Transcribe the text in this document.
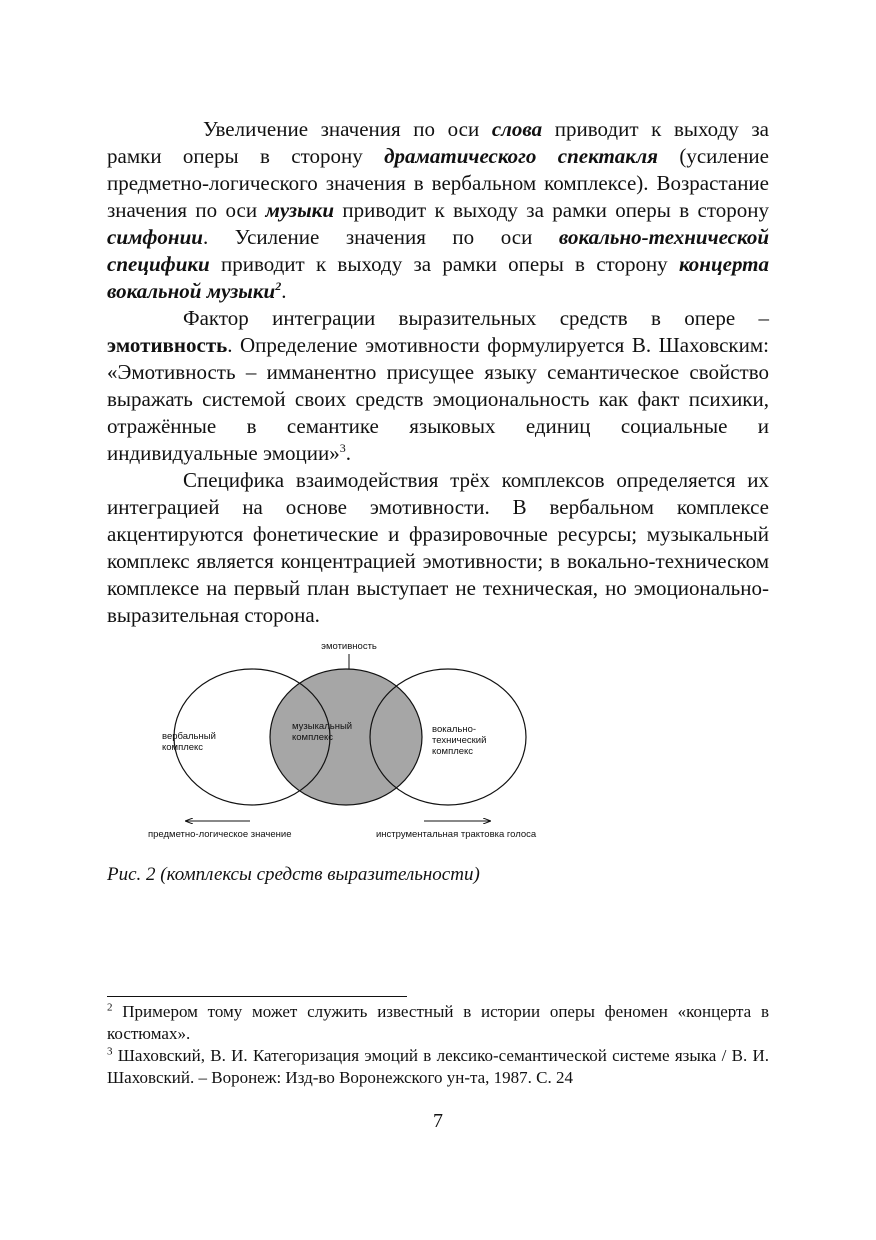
Увеличение значения по оси слова приводит к выходу за рамки оперы в сторону драматического спектакля (усиление предметно-логического значения в вербальном комплексе). Возрастание значения по оси музыки приводит к выходу за рамки оперы в сторону симфонии. Усиление значения по оси вокально-технической специфики приводит к выходу за рамки оперы в сторону концерта вокальной музыки$^2$.

Фактор интеграции выразительных средств в опере – эмотивность. Определение эмотивности формулируется В. Шаховским: «Эмотивность – имманентно присущее языку семантическое свойство выражать системой своих средств эмоциональность как факт психики, отражённые в семантике языковых единиц социальные и индивидуальные эмоции»$^3$.

Специфика взаимодействия трёх комплексов определяется их интеграцией на основе эмотивности. В вербальном комплексе акцентируются фонетические и фразировочные ресурсы; музыкальный комплекс является концентрацией эмотивности; в вокально-техническом комплексе на первый план выступает не техническая, но эмоционально-выразительная сторона.

эмотивность
вербальный
комплекс
музыкальный
комплекс
вокально-
технический
комплекс
предметно-логическое значение	инструментальная трактовка голоса
Рис. 2 (комплексы средств выразительности)

$^2$ Примером тому может служить известный в истории оперы феномен «концерта в костюмах».

$^3$ Шаховский, В. И. Категоризация эмоций в лексико-семантической системе языка / В. И. Шаховский. – Воронеж: Изд-во Воронежского ун-та, 1987. С. 24

7
